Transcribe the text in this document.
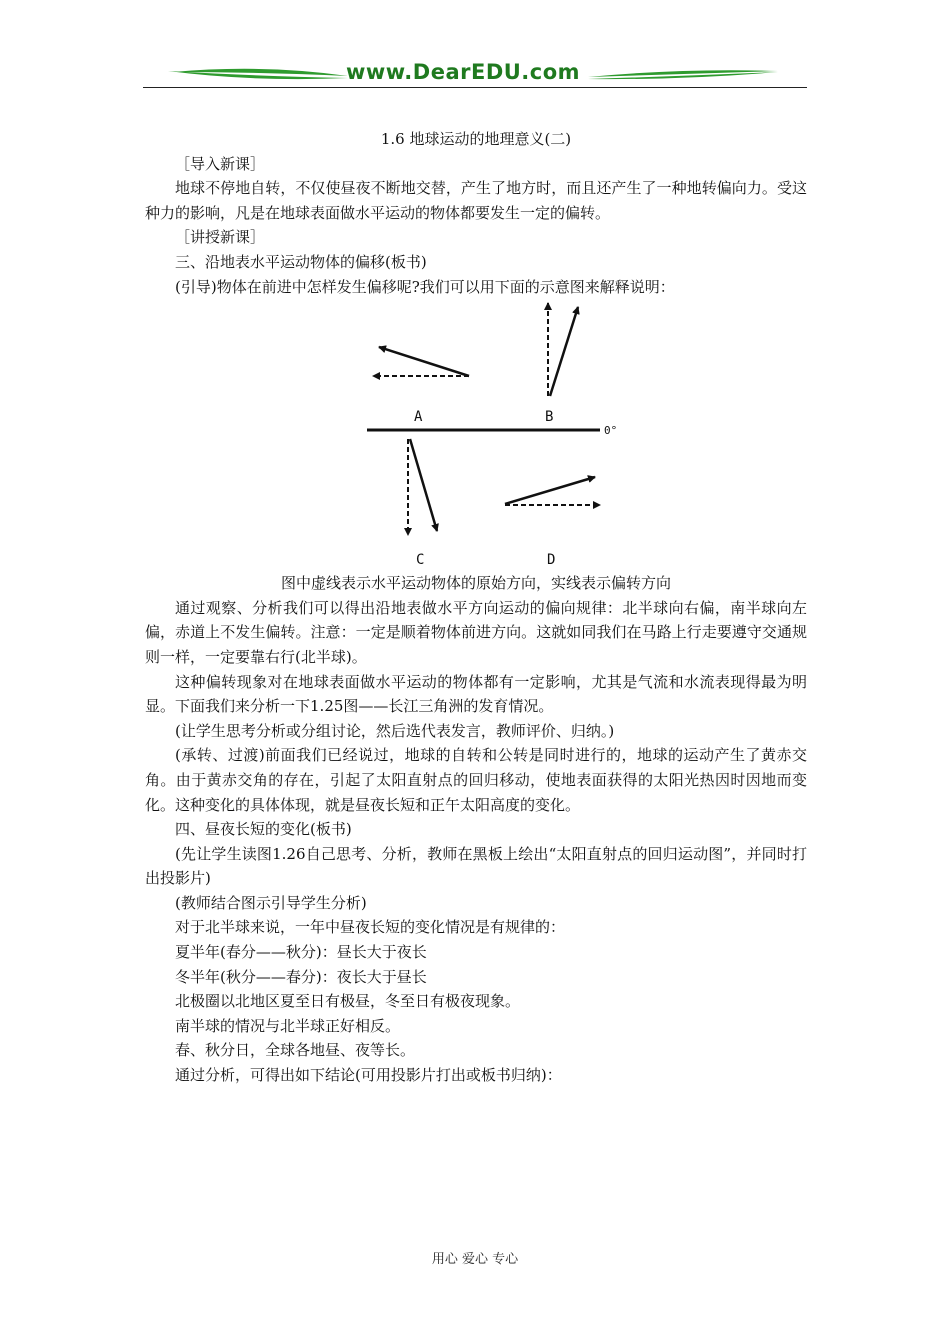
www.DearEDU.com

1.6 地球运动的地理意义(二)

［导入新课］

地球不停地自转，不仅使昼夜不断地交替，产生了地方时，而且还产生了一种地转偏向力。受这种力的影响，凡是在地球表面做水平运动的物体都要发生一定的偏转。

［讲授新课］

三、沿地表水平运动物体的偏移(板书)

(引导)物体在前进中怎样发生偏移呢?我们可以用下面的示意图来解释说明：

0°
A	B
C	D

图中虚线表示水平运动物体的原始方向，实线表示偏转方向

通过观察、分析我们可以得出沿地表做水平方向运动的偏向规律：北半球向右偏，南半球向左偏，赤道上不发生偏转。注意：一定是顺着物体前进方向。这就如同我们在马路上行走要遵守交通规则一样，一定要靠右行(北半球)。

这种偏转现象对在地球表面做水平运动的物体都有一定影响，尤其是气流和水流表现得最为明显。下面我们来分析一下1.25图——长江三角洲的发育情况。

(让学生思考分析或分组讨论，然后选代表发言，教师评价、归纳。)

(承转、过渡)前面我们已经说过，地球的自转和公转是同时进行的，地球的运动产生了黄赤交角。由于黄赤交角的存在，引起了太阳直射点的回归移动，使地表面获得的太阳光热因时因地而变化。这种变化的具体体现，就是昼夜长短和正午太阳高度的变化。

四、昼夜长短的变化(板书)

(先让学生读图1.26自己思考、分析，教师在黑板上绘出“太阳直射点的回归运动图”，并同时打出投影片)

(教师结合图示引导学生分析)

对于北半球来说，一年中昼夜长短的变化情况是有规律的：

夏半年(春分——秋分)：昼长大于夜长

冬半年(秋分——春分)：夜长大于昼长

北极圈以北地区夏至日有极昼，冬至日有极夜现象。

南半球的情况与北半球正好相反。

春、秋分日，全球各地昼、夜等长。

通过分析，可得出如下结论(可用投影片打出或板书归纳)：

用心 爱心 专心
